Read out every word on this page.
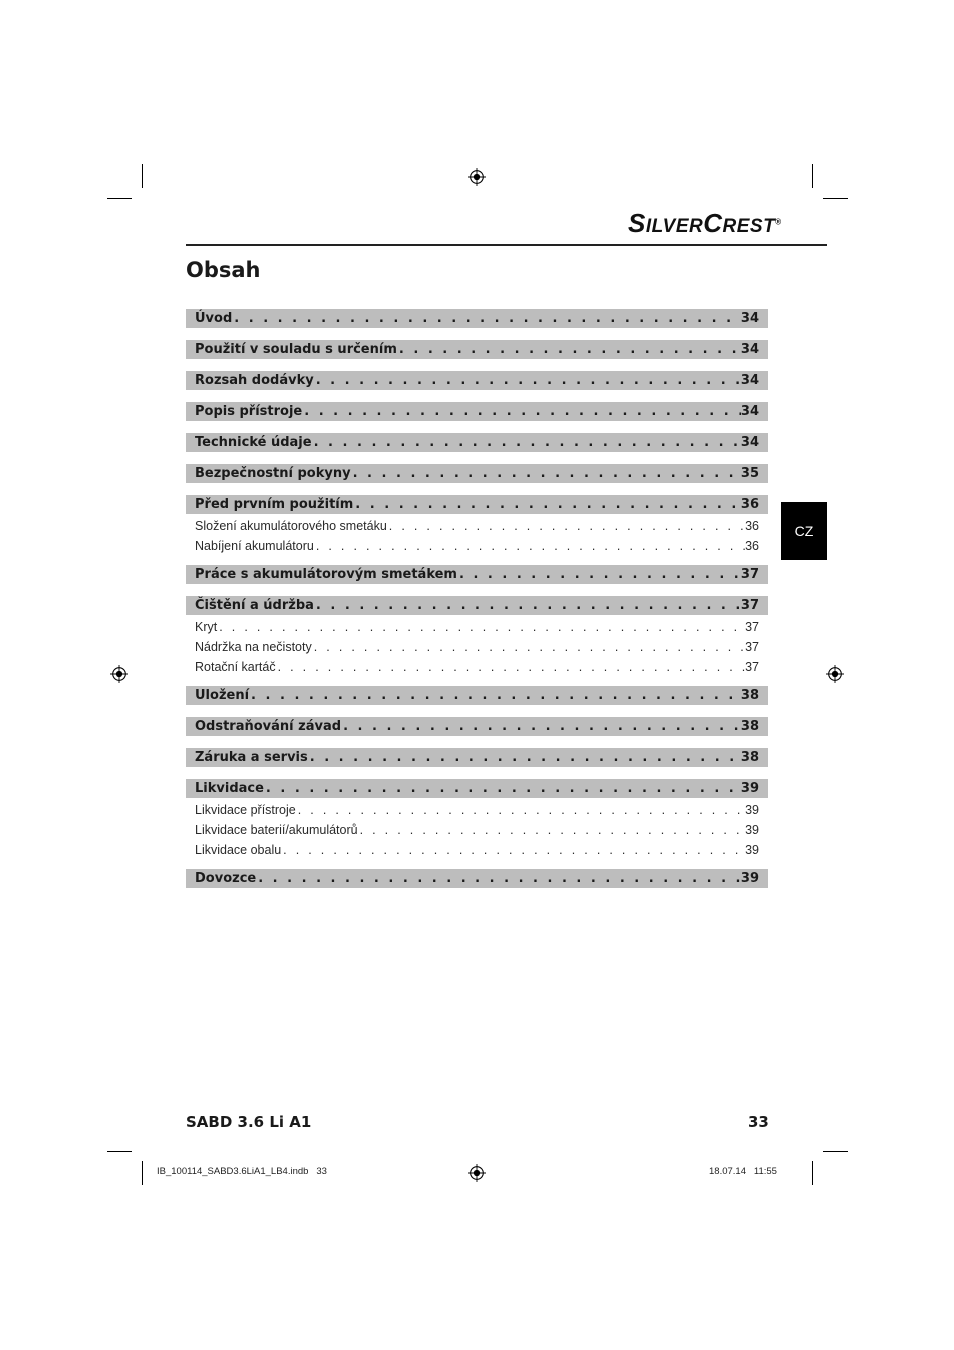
SILVERCREST®
Obsah
Úvod . . .	34
Použití v souladu s určením . . .	34
Rozsah dodávky . . .	34
Popis přístroje . . .	34
Technické údaje . . .	34
Bezpečnostní pokyny . . .	35
Před prvním použitím . . .	36
Složení akumulátorového smetáku . . .	36
Nabíjení akumulátoru . . .	36
Práce s akumulátorovým smetákem . . .	37
Čištění a údržba . . .	37
Kryt . . .	37
Nádržka na nečistoty . . .	37
Rotační kartáč . . .	37
Uložení . . .	38
Odstraňování závad . . .	38
Záruka a servis . . .	38
Likvidace . . .	39
Likvidace přístroje . . .	39
Likvidace baterií/akumulátorů . . .	39
Likvidace obalu . . .	39
Dovozce . . .	39
CZ
SABD 3.6 Li A1	33
IB_100114_SABD3.6LiA1_LB4.indb   33	18.07.14   11:55
